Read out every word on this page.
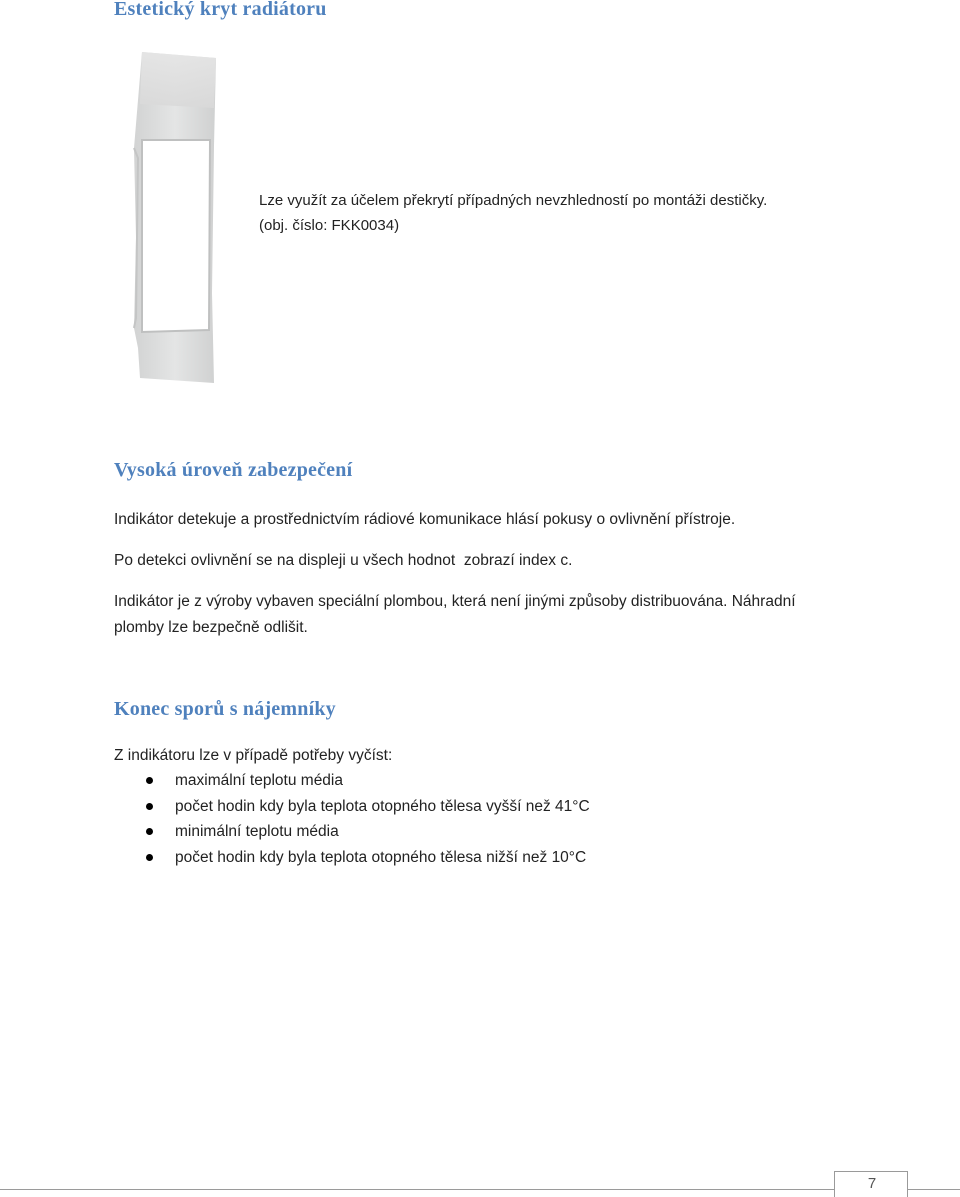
Estetický kryt radiátoru

Lze využít za účelem překrytí případných nevzhledností po montáži destičky.
(obj. číslo: FKK0034)

Vysoká úroveň zabezpečení

Indikátor detekuje a prostřednictvím rádiové komunikace hlásí pokusy o ovlivnění přístroje.

Po detekci ovlivnění se na displeji u všech hodnot  zobrazí index c.

Indikátor je z výroby vybaven speciální plombou, která není jinými způsoby distribuována. Náhradní plomby lze bezpečně odlišit.

Konec sporů s nájemníky

Z indikátoru lze v případě potřeby vyčíst:

maximální teplotu média
počet hodin kdy byla teplota otopného tělesa vyšší než 41°C
minimální teplotu média
počet hodin kdy byla teplota otopného tělesa nižší než 10°C
7
